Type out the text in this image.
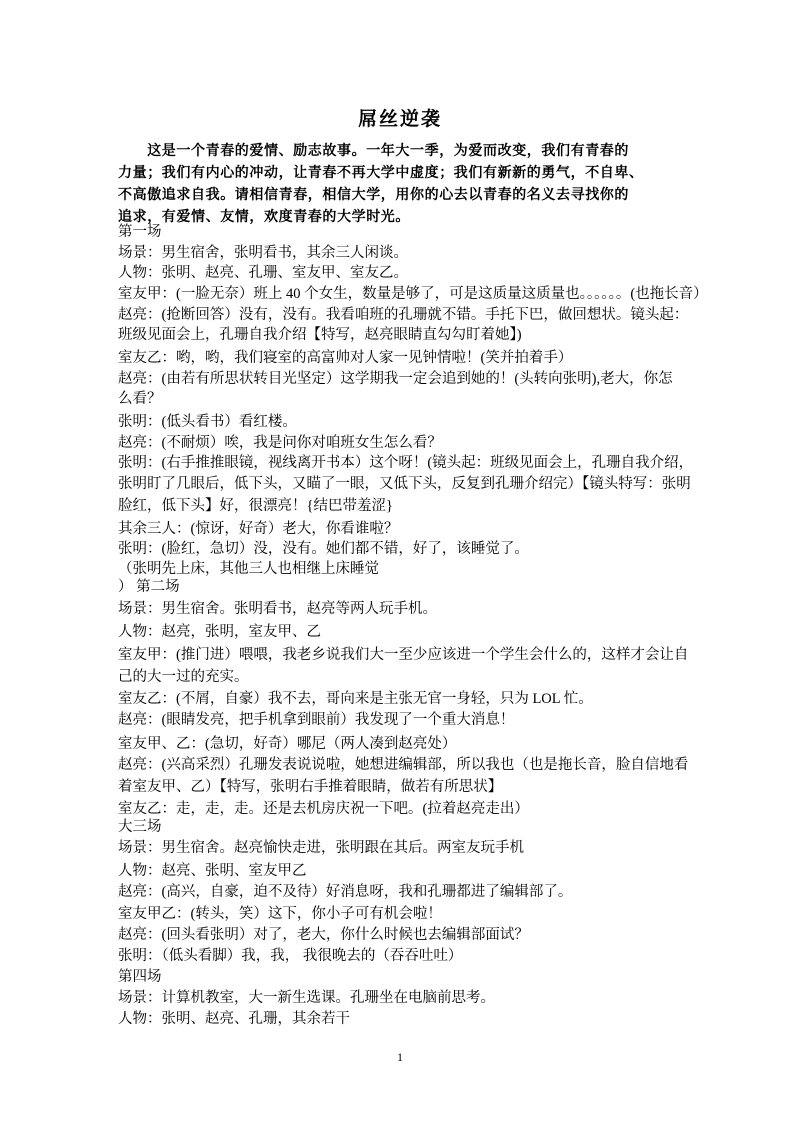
屌丝逆袭
　　这是一个青春的爱情、励志故事。一年大一季，为爱而改变，我们有青春的
力量；我们有内心的冲动，让青春不再大学中虚度；我们有新新的勇气，不自卑、
不高傲追求自我。请相信青春，相信大学，用你的心去以青春的名义去寻找你的
追求，有爱情、友情，欢度青春的大学时光。
第一场
场景：男生宿舍，张明看书，其余三人闲谈。
人物：张明、赵亮、孔珊、室友甲、室友乙。
室友甲：(一脸无奈）班上 40 个女生，数量是够了，可是这质量这质量也。。。。。。(也拖长音）
赵亮：(抢断回答）没有，没有。我看咱班的孔珊就不错。手托下巴，做回想状。镜头起：
班级见面会上，孔珊自我介绍【特写，赵亮眼睛直勾勾盯着她】)
室友乙：哟，哟，我们寝室的高富帅对人家一见钟情啦！(笑并拍着手）
赵亮：(由若有所思状转目光坚定）这学期我一定会追到她的！(头转向张明),老大，你怎
么看？
张明：(低头看书）看红楼。
赵亮：(不耐烦）唉，我是问你对咱班女生怎么看？
张明：(右手推推眼镜，视线离开书本）这个呀！(镜头起：班级见面会上，孔珊自我介绍，
张明盯了几眼后，低下头，又瞄了一眼，又低下头，反复到孔珊介绍完）【镜头特写：张明
脸红，低下头】好，很漂亮！{结巴带羞涩}
其余三人：(惊讶，好奇）老大，你看谁啦？
张明：(脸红，急切）没，没有。她们都不错，好了，该睡觉了。
（张明先上床，其他三人也相继上床睡觉
） 第二场
场景：男生宿舍。张明看书，赵亮等两人玩手机。
人物：赵亮，张明，室友甲、乙
室友甲：(推门进）喂喂，我老乡说我们大一至少应该进一个学生会什么的，这样才会让自
己的大一过的充实。
室友乙：(不屑，自豪）我不去，哥向来是主张无官一身轻，只为 LOL 忙。
赵亮：(眼睛发亮，把手机拿到眼前）我发现了一个重大消息！
室友甲、乙：(急切，好奇）哪尼（两人凑到赵亮处）
赵亮：(兴高采烈）孔珊发表说说啦，她想进编辑部，所以我也（也是拖长音，脸自信地看
着室友甲、乙）【特写，张明右手推着眼睛，做若有所思状】
室友乙：走，走，走。还是去机房庆祝一下吧。(拉着赵亮走出）
大三场
场景：男生宿舍。赵亮愉快走进，张明跟在其后。两室友玩手机
人物：赵亮、张明、室友甲乙
赵亮：(高兴，自豪，迫不及待）好消息呀，我和孔珊都进了编辑部了。
室友甲乙：(转头，笑）这下，你小子可有机会啦！
赵亮：(回头看张明）对了，老大，你什么时候也去编辑部面试？
张明：（低头看脚）我，我， 我很晚去的（吞吞吐吐）
第四场
场景：计算机教室，大一新生选课。孔珊坐在电脑前思考。
人物：张明、赵亮、孔珊，其余若干
1
